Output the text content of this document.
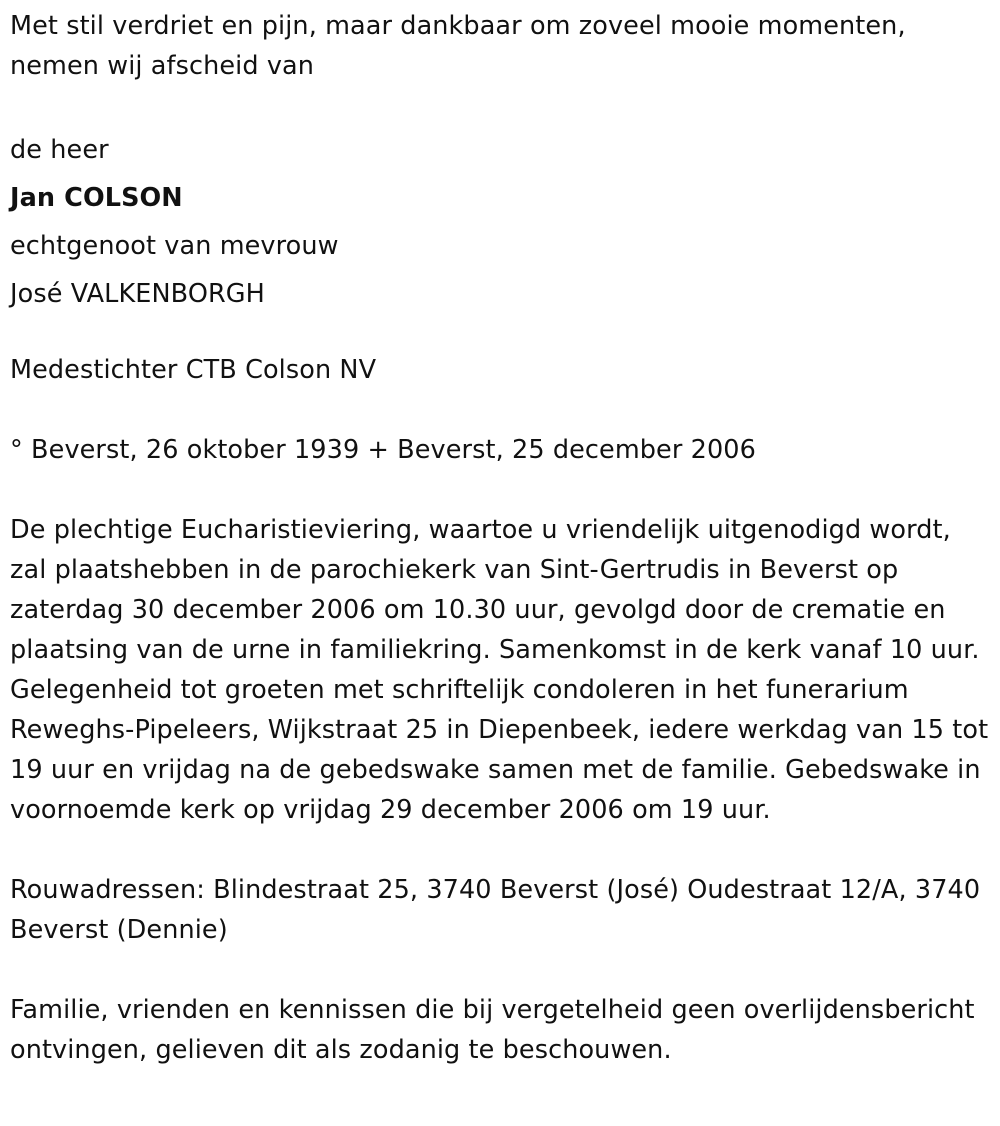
Met stil verdriet en pijn, maar dankbaar om zoveel mooie momenten, nemen wij afscheid van

de heer

Jan COLSON

echtgenoot van mevrouw

José VALKENBORGH

Medestichter CTB Colson NV

° Beverst, 26 oktober 1939 + Beverst, 25 december 2006

De plechtige Eucharistieviering, waartoe u vriendelijk uitgenodigd wordt, zal plaatshebben in de parochiekerk van Sint-Gertrudis in Beverst op zaterdag 30 december 2006 om 10.30 uur, gevolgd door de crematie en plaatsing van de urne in familiekring. Samenkomst in de kerk vanaf 10 uur. Gelegenheid tot groeten met schriftelijk condoleren in het funerarium Reweghs-Pipeleers, Wijkstraat 25 in Diepenbeek, iedere werkdag van 15 tot 19 uur en vrijdag na de gebedswake samen met de familie. Gebedswake in voornoemde kerk op vrijdag 29 december 2006 om 19 uur.

Rouwadressen: Blindestraat 25, 3740 Beverst (José) Oudestraat 12/A, 3740 Beverst (Dennie)

Familie, vrienden en kennissen die bij vergetelheid geen overlijdensbericht ontvingen, gelieven dit als zodanig te beschouwen.
